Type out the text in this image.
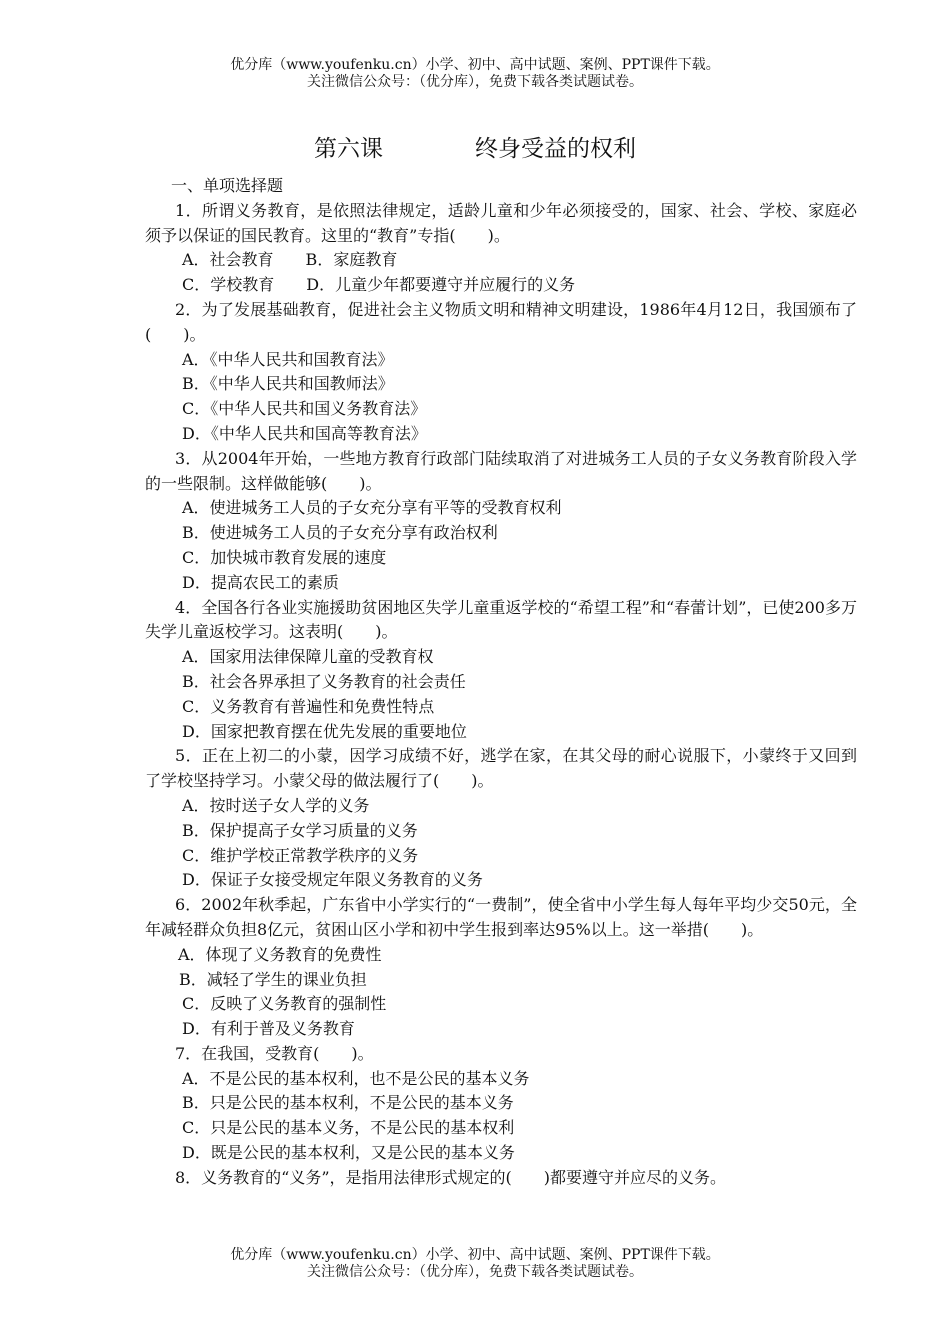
优分库（www.youfenku.cn）小学、初中、高中试题、案例、PPT课件下载。
关注微信公众号：（优分库），免费下载各类试题试卷。
第六课	终身受益的权利

一、单项选择题

1．所谓义务教育，是依照法律规定，适龄儿童和少年必须接受的，国家、社会、学校、家庭必须予以保证的国民教育。这里的“教育”专指(　　)。

A．社会教育　　B．家庭教育

C．学校教育　　D．儿童少年都要遵守并应履行的义务

2．为了发展基础教育，促进社会主义物质文明和精神文明建设，1986年4月12日，我国颁布了(　　)。

A．《中华人民共和国教育法》

B．《中华人民共和国教师法》

C．《中华人民共和国义务教育法》

D．《中华人民共和国高等教育法》

3．从2004年开始，一些地方教育行政部门陆续取消了对进城务工人员的子女义务教育阶段入学的一些限制。这样做能够(　　)。

A．使进城务工人员的子女充分享有平等的受教育权利

B．使进城务工人员的子女充分享有政治权利

C．加快城市教育发展的速度

D．提高农民工的素质

4．全国各行各业实施援助贫困地区失学儿童重返学校的“希望工程”和“春蕾计划”，已使200多万失学儿童返校学习。这表明(　　)。

A．国家用法律保障儿童的受教育权

B．社会各界承担了义务教育的社会责任

C．义务教育有普遍性和免费性特点

D．国家把教育摆在优先发展的重要地位

5．正在上初二的小蒙，因学习成绩不好，逃学在家，在其父母的耐心说服下，小蒙终于又回到了学校坚持学习。小蒙父母的做法履行了(　　)。

A．按时送子女人学的义务

B．保护提高子女学习质量的义务

C．维护学校正常教学秩序的义务

D．保证子女接受规定年限义务教育的义务

6．2002年秋季起，广东省中小学实行的“一费制”，使全省中小学生每人每年平均少交50元，全年减轻群众负担8亿元，贫困山区小学和初中学生报到率达95%以上。这一举措(　　)。

A．体现了义务教育的免费性

B．减轻了学生的课业负担

C．反映了义务教育的强制性

D．有利于普及义务教育

7．在我国，受教育(　　)。

A．不是公民的基本权利，也不是公民的基本义务

B．只是公民的基本权利，不是公民的基本义务

C．只是公民的基本义务，不是公民的基本权利

D．既是公民的基本权利，又是公民的基本义务

8．义务教育的“义务”，是指用法律形式规定的(　　)都要遵守并应尽的义务。

优分库（www.youfenku.cn）小学、初中、高中试题、案例、PPT课件下载。
关注微信公众号：（优分库），免费下载各类试题试卷。
